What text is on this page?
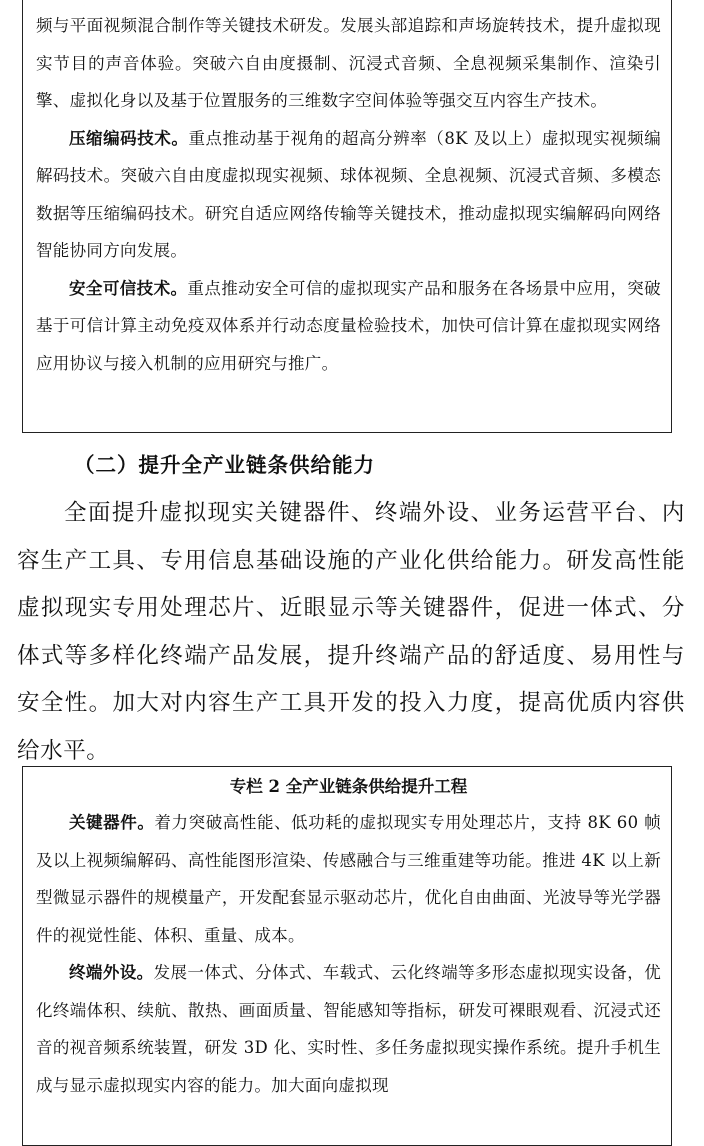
频与平面视频混合制作等关键技术研发。发展头部追踪和声场旋转技术，提升虚拟现实节目的声音体验。突破六自由度摄制、沉浸式音频、全息视频采集制作、渲染引擎、虚拟化身以及基于位置服务的三维数字空间体验等强交互内容生产技术。

压缩编码技术。重点推动基于视角的超高分辨率（8K 及以上）虚拟现实视频编解码技术。突破六自由度虚拟现实视频、球体视频、全息视频、沉浸式音频、多模态数据等压缩编码技术。研究自适应网络传输等关键技术，推动虚拟现实编解码向网络智能协同方向发展。

安全可信技术。重点推动安全可信的虚拟现实产品和服务在各场景中应用，突破基于可信计算主动免疫双体系并行动态度量检验技术，加快可信计算在虚拟现实网络应用协议与接入机制的应用研究与推广。

（二）提升全产业链条供给能力

全面提升虚拟现实关键器件、终端外设、业务运营平台、内容生产工具、专用信息基础设施的产业化供给能力。研发高性能虚拟现实专用处理芯片、近眼显示等关键器件，促进一体式、分体式等多样化终端产品发展，提升终端产品的舒适度、易用性与安全性。加大对内容生产工具开发的投入力度，提高优质内容供给水平。

专栏 2 全产业链条供给提升工程

关键器件。着力突破高性能、低功耗的虚拟现实专用处理芯片，支持 8K 60 帧及以上视频编解码、高性能图形渲染、传感融合与三维重建等功能。推进 4K 以上新型微显示器件的规模量产，开发配套显示驱动芯片，优化自由曲面、光波导等光学器件的视觉性能、体积、重量、成本。

终端外设。发展一体式、分体式、车载式、云化终端等多形态虚拟现实设备，优化终端体积、续航、散热、画面质量、智能感知等指标，研发可裸眼观看、沉浸式还音的视音频系统装置，研发 3D 化、实时性、多任务虚拟现实操作系统。提升手机生成与显示虚拟现实内容的能力。加大面向虚拟现
